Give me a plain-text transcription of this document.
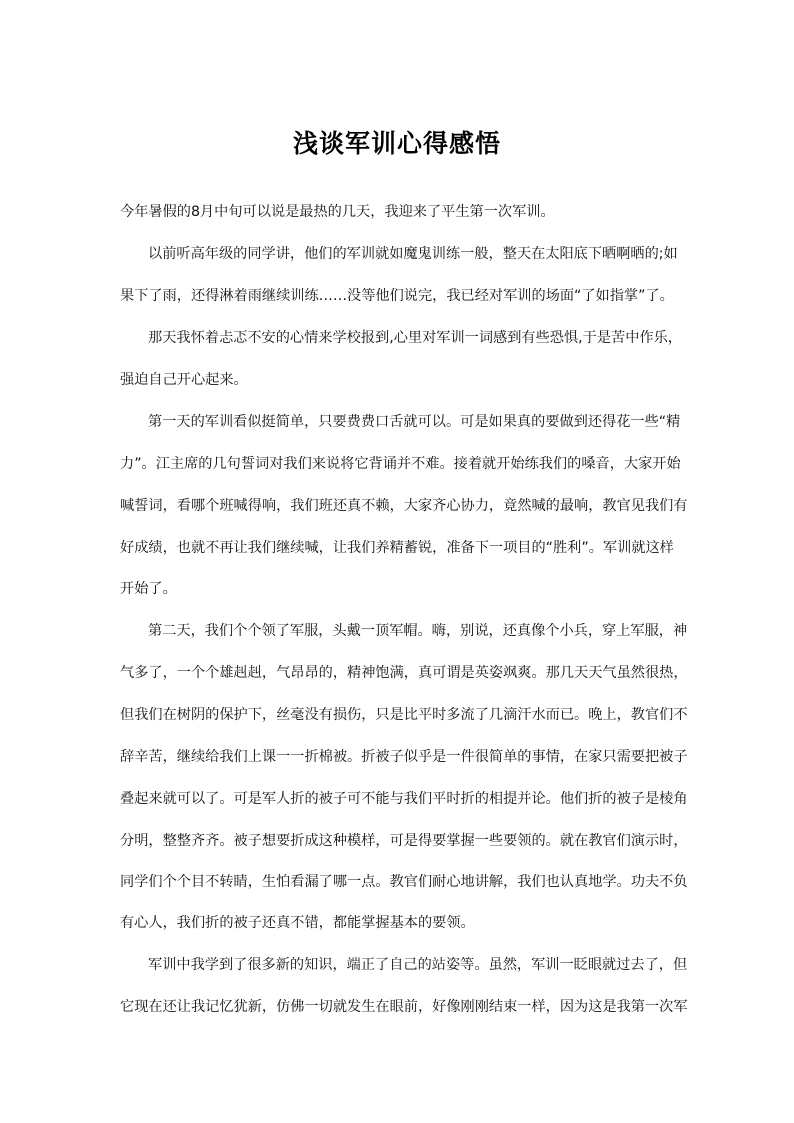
浅谈军训心得感悟
今年暑假的8月中旬可以说是最热的几天，我迎来了平生第一次军训。
以前听高年级的同学讲，他们的军训就如魔鬼训练一般，整天在太阳底下晒啊晒的;如
果下了雨，还得淋着雨继续训练……没等他们说完，我已经对军训的场面“了如指掌”了。
那天我怀着忐忑不安的心情来学校报到,心里对军训一词感到有些恐惧,于是苦中作乐，
强迫自己开心起来。
第一天的军训看似挺简单，只要费费口舌就可以。可是如果真的要做到还得花一些“精
力”。江主席的几句誓词对我们来说将它背诵并不难。接着就开始练我们的嗓音，大家开始
喊誓词，看哪个班喊得响，我们班还真不赖，大家齐心协力，竟然喊的最响，教官见我们有
好成绩，也就不再让我们继续喊，让我们养精蓄锐，准备下一项目的“胜利”。军训就这样
开始了。
第二天，我们个个领了军服，头戴一顶军帽。嗨，别说，还真像个小兵，穿上军服，神
气多了，一个个雄赳赳，气昂昂的，精神饱满，真可谓是英姿飒爽。那几天天气虽然很热，
但我们在树阴的保护下，丝毫没有损伤，只是比平时多流了几滴汗水而已。晚上，教官们不
辞辛苦，继续给我们上课一一折棉被。折被子似乎是一件很简单的事情，在家只需要把被子
叠起来就可以了。可是军人折的被子可不能与我们平时折的相提并论。他们折的被子是棱角
分明，整整齐齐。被子想要折成这种模样，可是得要掌握一些要领的。就在教官们演示时，
同学们个个目不转睛，生怕看漏了哪一点。教官们耐心地讲解，我们也认真地学。功夫不负
有心人，我们折的被子还真不错，都能掌握基本的要领。
军训中我学到了很多新的知识，端正了自己的站姿等。虽然，军训一眨眼就过去了，但
它现在还让我记忆犹新，仿佛一切就发生在眼前，好像刚刚结束一样，因为这是我第一次军
